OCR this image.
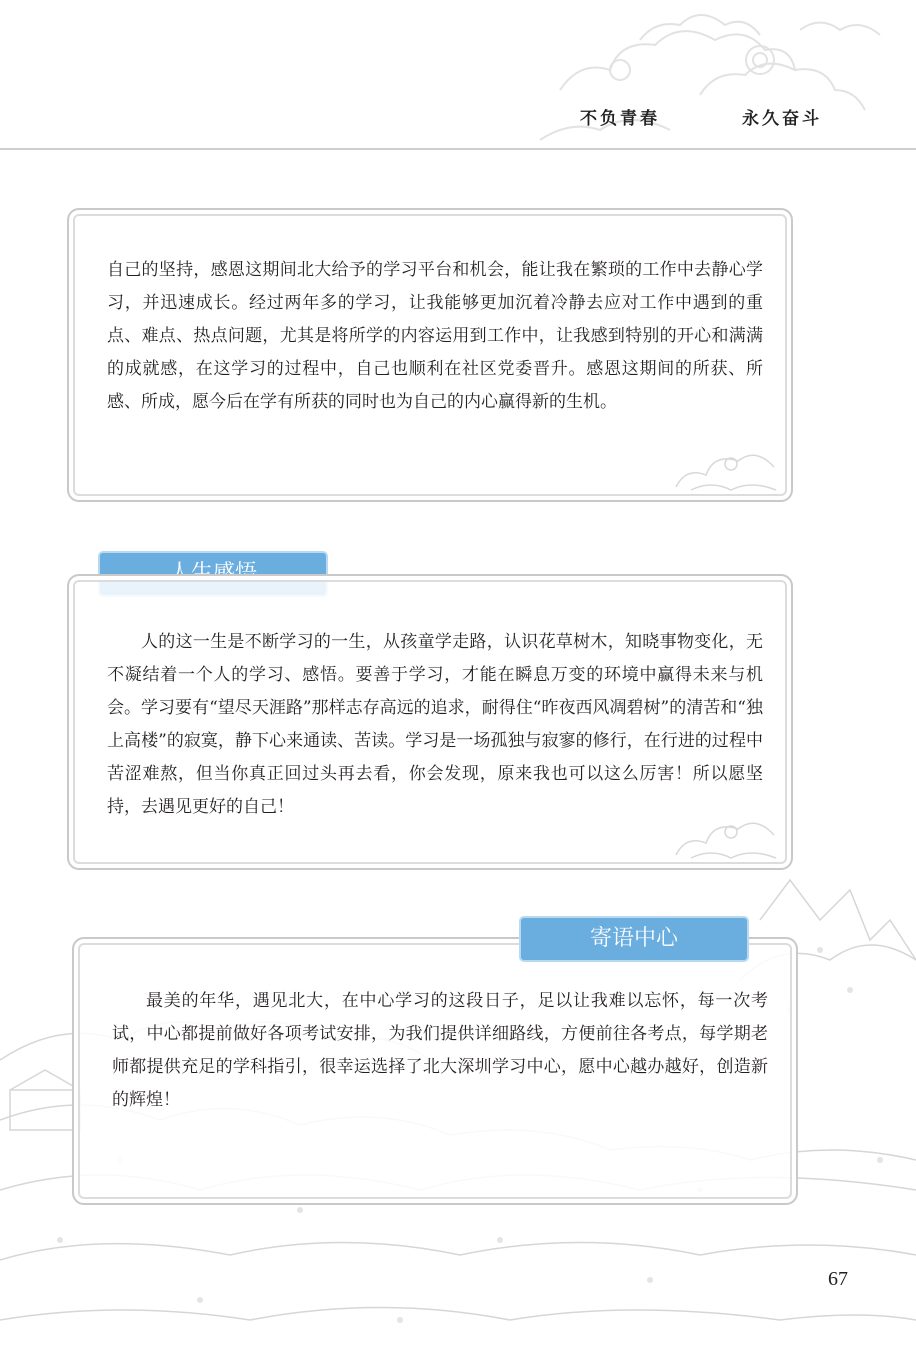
不负青春	永久奋斗
自己的坚持，感恩这期间北大给予的学习平台和机会，能让我在繁琐的工作中去静心学习，并迅速成长。经过两年多的学习，让我能够更加沉着冷静去应对工作中遇到的重点、难点、热点问题，尤其是将所学的内容运用到工作中，让我感到特别的开心和满满的成就感，在这学习的过程中，自己也顺利在社区党委晋升。感恩这期间的所获、所感、所成，愿今后在学有所获的同时也为自己的内心赢得新的生机。
人的这一生是不断学习的一生，从孩童学走路，认识花草树木，知晓事物变化，无不凝结着一个人的学习、感悟。要善于学习，才能在瞬息万变的环境中赢得未来与机会。学习要有“望尽天涯路”那样志存高远的追求，耐得住“昨夜西风凋碧树”的清苦和“独上高楼”的寂寞，静下心来通读、苦读。学习是一场孤独与寂寥的修行，在行进的过程中苦涩难熬，但当你真正回过头再去看，你会发现，原来我也可以这么厉害！所以愿坚持，去遇见更好的自己！
最美的年华，遇见北大，在中心学习的这段日子，足以让我难以忘怀，每一次考试，中心都提前做好各项考试安排，为我们提供详细路线，方便前往各考点，每学期老师都提供充足的学科指引，很幸运选择了北大深圳学习中心，愿中心越办越好，创造新的辉煌！
寄语中心
67
